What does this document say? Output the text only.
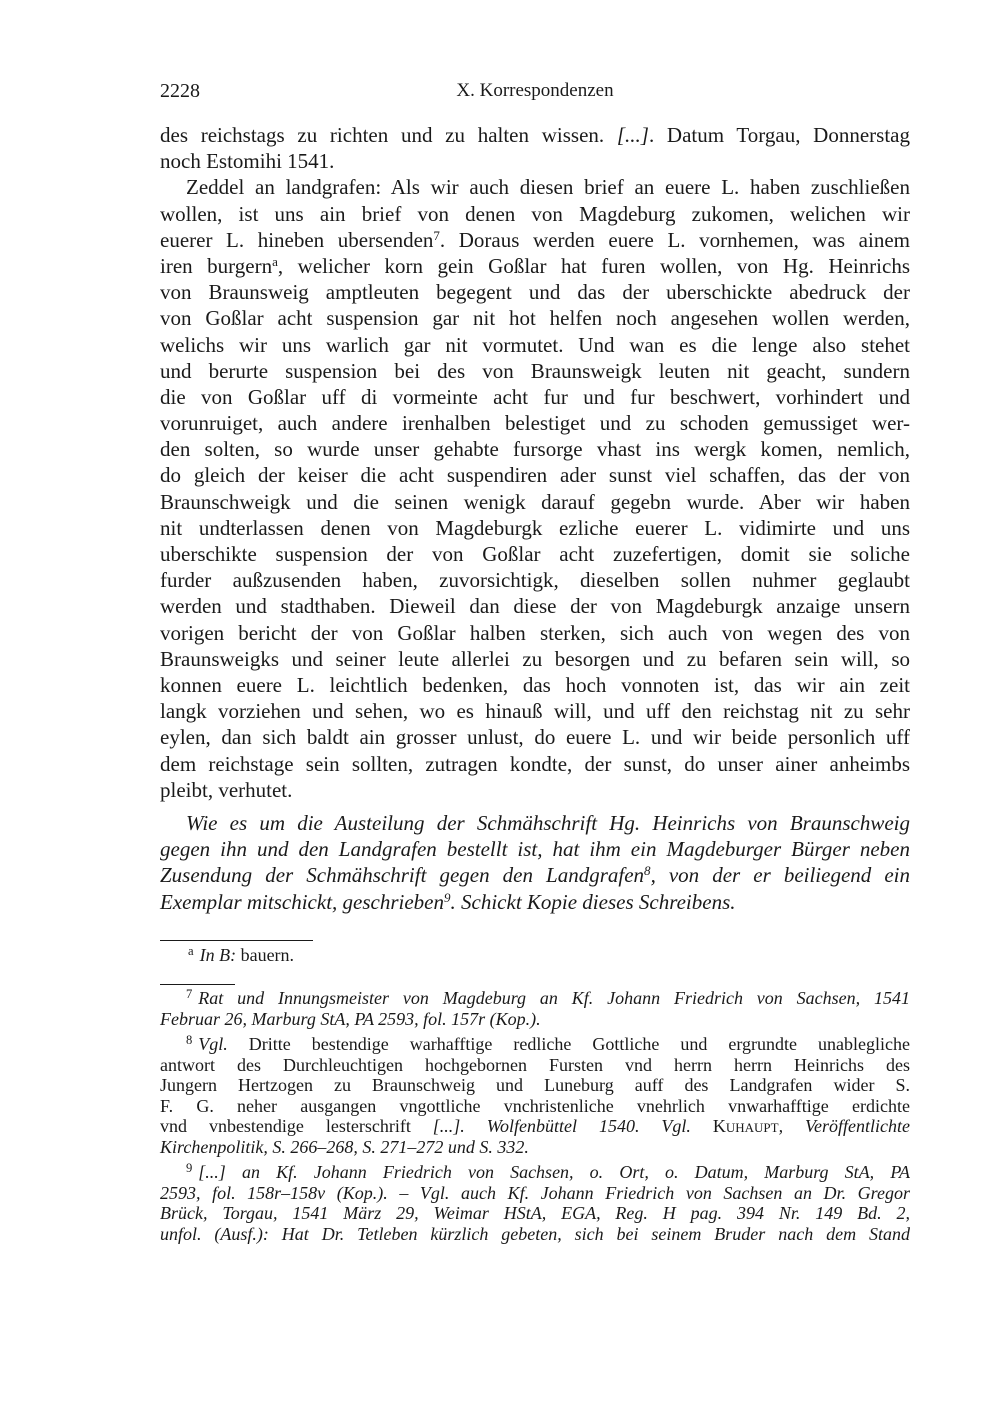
2228	X. Korrespondenzen
des reichstags zu richten und zu halten wissen. [...]. Datum Torgau, Donnerstag
noch Estomihi 1541.
Zeddel an landgrafen: Als wir auch diesen brief an euere L. haben zuschließen
wollen, ist uns ain brief von denen von Magdeburg zukomen, welichen wir
euerer L. hineben ubersenden$^7$. Doraus werden euere L. vornhemen, was ainem
iren burgern$^a$, welicher korn gein Goßlar hat furen wollen, von Hg. Heinrichs
von Braunsweig amptleuten begegent und das der uberschickte abedruck der
von Goßlar acht suspension gar nit hot helfen noch angesehen wollen werden,
welichs wir uns warlich gar nit vormutet. Und wan es die lenge also stehet
und berurte suspension bei des von Braunsweigk leuten nit geacht, sundern
die von Goßlar uff di vormeinte acht fur und fur beschwert, vorhindert und
vorunruiget, auch andere irenhalben belestiget und zu schoden gemussiget wer-
den solten, so wurde unser gehabte fursorge vhast ins wergk komen, nemlich,
do gleich der keiser die acht suspendiren ader sunst viel schaffen, das der von
Braunschweigk und die seinen wenigk darauf gegebn wurde. Aber wir haben
nit undterlassen denen von Magdeburgk ezliche euerer L. vidimirte und uns
uberschikte suspension der von Goßlar acht zuzefertigen, domit sie soliche
furder außzusenden haben, zuvorsichtigk, dieselben sollen nuhmer geglaubt
werden und stadthaben. Dieweil dan diese der von Magdeburgk anzaige unsern
vorigen bericht der von Goßlar halben sterken, sich auch von wegen des von
Braunsweigks und seiner leute allerlei zu besorgen und zu befaren sein will, so
konnen euere L. leichtlich bedenken, das hoch vonnoten ist, das wir ain zeit
langk vorziehen und sehen, wo es hinauß will, und uff den reichstag nit zu sehr
eylen, dan sich baldt ain grosser unlust, do euere L. und wir beide personlich uff
dem reichstage sein sollten, zutragen kondte, der sunst, do unser ainer anheimbs
pleibt, verhutet.
Wie es um die Austeilung der Schmähschrift Hg. Heinrichs von Braunschweig
gegen ihn und den Landgrafen bestellt ist, hat ihm ein Magdeburger Bürger neben
Zusendung der Schmähschrift gegen den Landgrafen$^8$, von der er beiliegend ein
Exemplar mitschickt, geschrieben$^9$. Schickt Kopie dieses Schreibens.
$^a$ In B: bauern.
$^7$ Rat und Innungsmeister von Magdeburg an Kf. Johann Friedrich von Sachsen, 1541
Februar 26, Marburg StA, PA 2593, fol. 157r (Kop.).
$^8$ Vgl. Dritte bestendige warhafftige redliche Gottliche und ergrundte unablegliche
antwort des Durchleuchtigen hochgebornen Fursten vnd herrn herrn Heinrichs des
Jungern Hertzogen zu Braunschweig und Luneburg auff des Landgrafen wider S.
F. G. neher ausgangen vngottliche vnchristenliche vnehrlich vnwarhafftige erdichte
vnd vnbestendige lesterschrift [...]. Wolfenbüttel 1540. Vgl. Kuhaupt, Veröffentlichte
Kirchenpolitik, S. 266–268, S. 271–272 und S. 332.
$^9$ [...] an Kf. Johann Friedrich von Sachsen, o. Ort, o. Datum, Marburg StA, PA
2593, fol. 158r–158v (Kop.). – Vgl. auch Kf. Johann Friedrich von Sachsen an Dr. Gregor
Brück, Torgau, 1541 März 29, Weimar HStA, EGA, Reg. H pag. 394 Nr. 149 Bd. 2,
unfol. (Ausf.): Hat Dr. Tetleben kürzlich gebeten, sich bei seinem Bruder nach dem Stand
